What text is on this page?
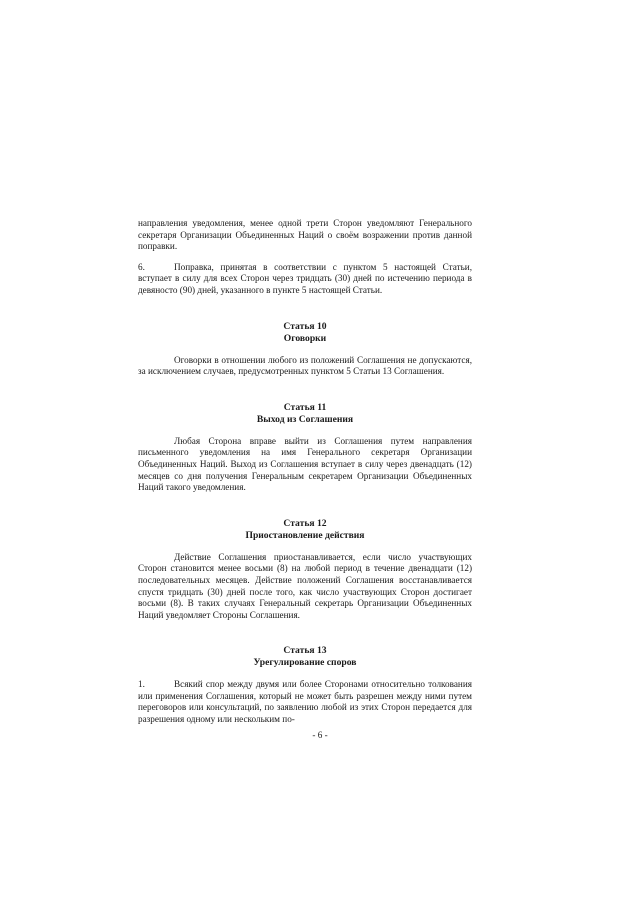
направления уведомления, менее одной трети Сторон уведомляют Генерального секретаря Организации Объединенных Наций о своём возражении против данной поправки.

6.	Поправка, принятая в соответствии с пунктом 5 настоящей Статьи, вступает в силу для всех Сторон через тридцать (30) дней по истечению периода в девяносто (90) дней, указанного в пункте 5 настоящей Статьи.

Статья 10

Оговорки

Оговорки в отношении любого из положений Соглашения не допускаются, за исключением случаев, предусмотренных пунктом 5 Статьи 13 Соглашения.

Статья 11

Выход из Соглашения

Любая Сторона вправе выйти из Соглашения путем направления письменного уведомления на имя Генерального секретаря Организации Объединенных Наций. Выход из Соглашения вступает в силу через двенадцать (12) месяцев со дня получения Генеральным секретарем Организации Объединенных Наций такого уведомления.

Статья 12

Приостановление действия

Действие Соглашения приостанавливается, если число участвующих Сторон становится менее восьми (8) на любой период в течение двенадцати (12) последовательных месяцев. Действие положений Соглашения восстанавливается спустя тридцать (30) дней после того, как число участвующих Сторон достигает восьми (8). В таких случаях Генеральный секретарь Организации Объединенных Наций уведомляет Стороны Соглашения.

Статья 13

Урегулирование споров

1.	Всякий спор между двумя или более Сторонами относительно толкования или применения Соглашения, который не может быть разрешен между ними путем переговоров или консультаций, по заявлению любой из этих Сторон передается для разрешения одному или нескольким по-

- 6 -
